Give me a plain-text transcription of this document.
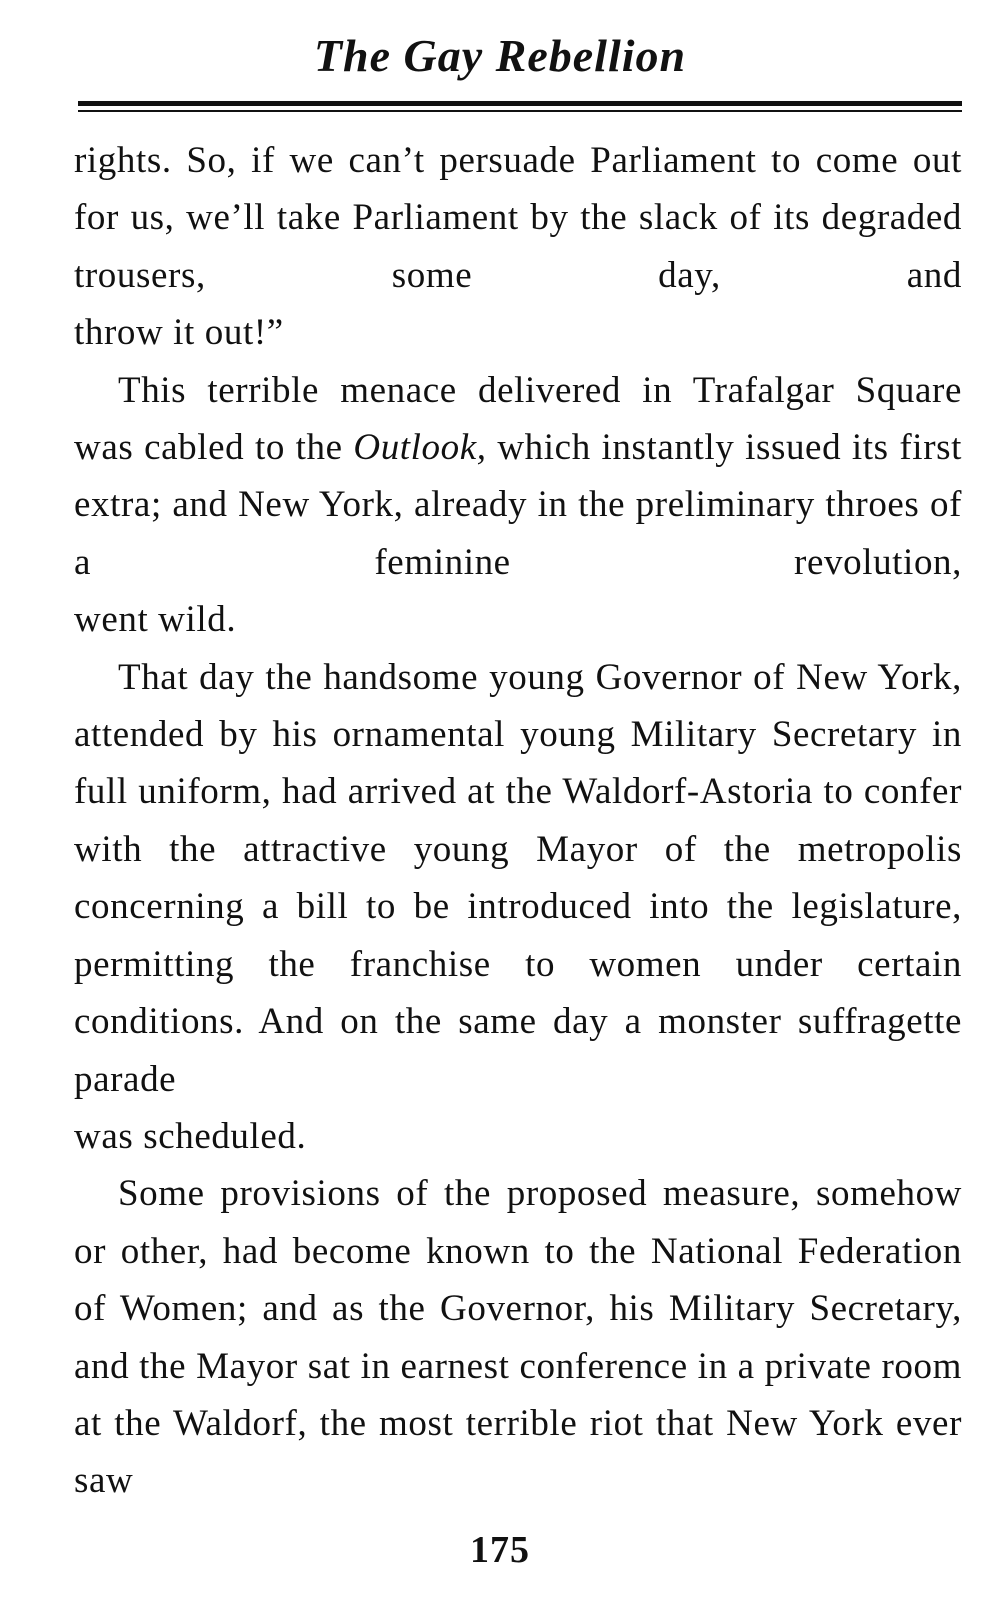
The Gay Rebellion

rights. So, if we can’t persuade Parliament to come out for us, we’ll take Parliament by the slack of its degraded trousers, some day, and

throw it out!”

This terrible menace delivered in Trafalgar Square was cabled to the Outlook, which instantly issued its first extra; and New York, already in the preliminary throes of a feminine revolution,

went wild.

That day the handsome young Governor of New York, attended by his ornamental young Military Secretary in full uniform, had arrived at the Waldorf-Astoria to confer with the attractive young Mayor of the metropolis concerning a bill to be introduced into the legislature, permitting the franchise to women under certain conditions. And on the same day a monster suffragette parade

was scheduled.

Some provisions of the proposed measure, somehow or other, had become known to the National Federation of Women; and as the Governor, his Military Secretary, and the Mayor sat in earnest conference in a private room at the Waldorf, the most terrible riot that New York ever saw

175
